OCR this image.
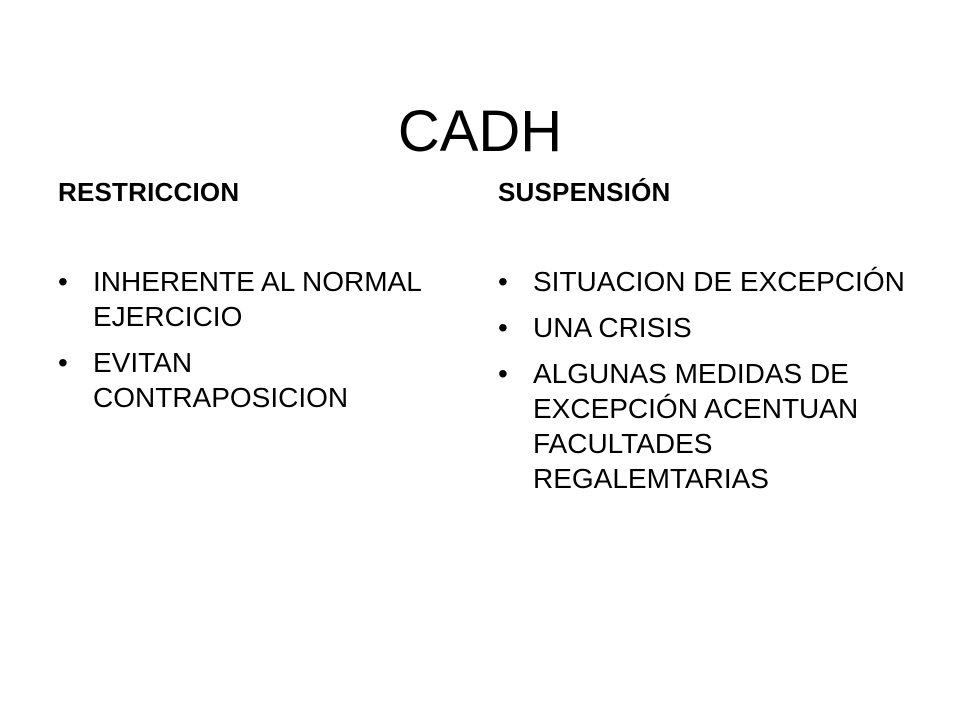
CADH
RESTRICCION
• INHERENTE AL NORMAL EJERCICIO
• EVITAN CONTRAPOSICION
SUSPENSIÓN
• SITUACION DE EXCEPCIÓN
• UNA CRISIS
• ALGUNAS MEDIDAS DE EXCEPCIÓN ACENTUAN FACULTADES REGALEMTARIAS
